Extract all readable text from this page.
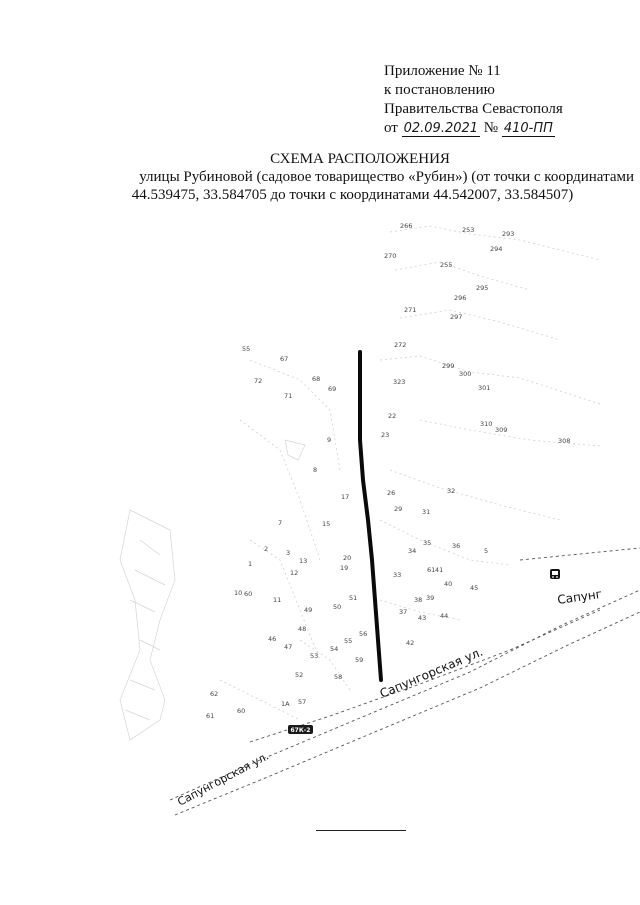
Приложение № 11
к постановлению
Правительства Севастополя
от 02.09.2021 № 410-ПП
СХЕМА РАСПОЛОЖЕНИЯ
улицы Рубиновой (садовое товарищество «Рубин») (от точки с координатами
44.539475, 33.584705 до точки с координатами 44.542007, 33.584507)
266	253	293
294
270
255
295
296
271
297
272
299
300
301
310
309
308
55
67
72	68
69
71
323
22
23
9
8
17	26	32
29	31
7	15
35	36
5
34
2	3
13	20
1
12
19
33
41
61
40	45
60
11	51
50
49
38 39
37
43 44
48
46
47
56
55
54
53
42
52
59
58
62
61
60
1А 57
10
Сапунгорская ул.
Сапунгорская ул.
Сапунг
67К-2
